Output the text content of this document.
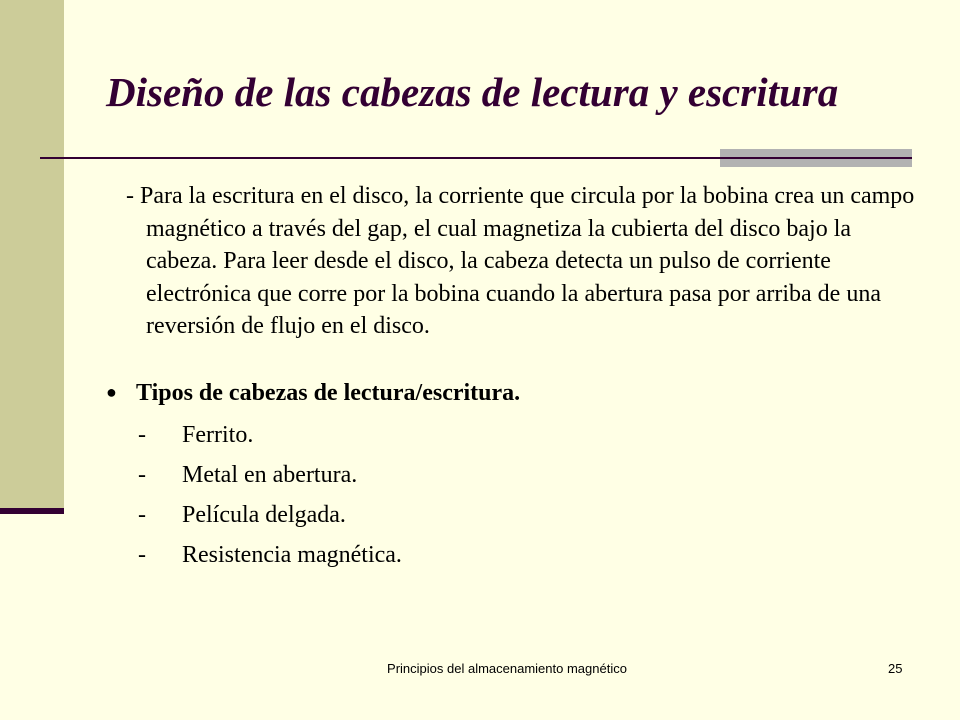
Diseño de las cabezas de lectura y escritura
- Para la escritura en el disco, la corriente que circula por la bobina crea un campo magnético a través del gap, el cual magnetiza la cubierta del disco bajo la cabeza. Para leer desde el disco, la cabeza detecta un pulso de corriente electrónica que corre por la bobina cuando la abertura pasa por arriba de una reversión de flujo en el disco.
● Tipos de cabezas de lectura/escritura.
- Ferrito.
- Metal en abertura.
- Película delgada.
- Resistencia magnética.
Principios del almacenamiento magnético	25
